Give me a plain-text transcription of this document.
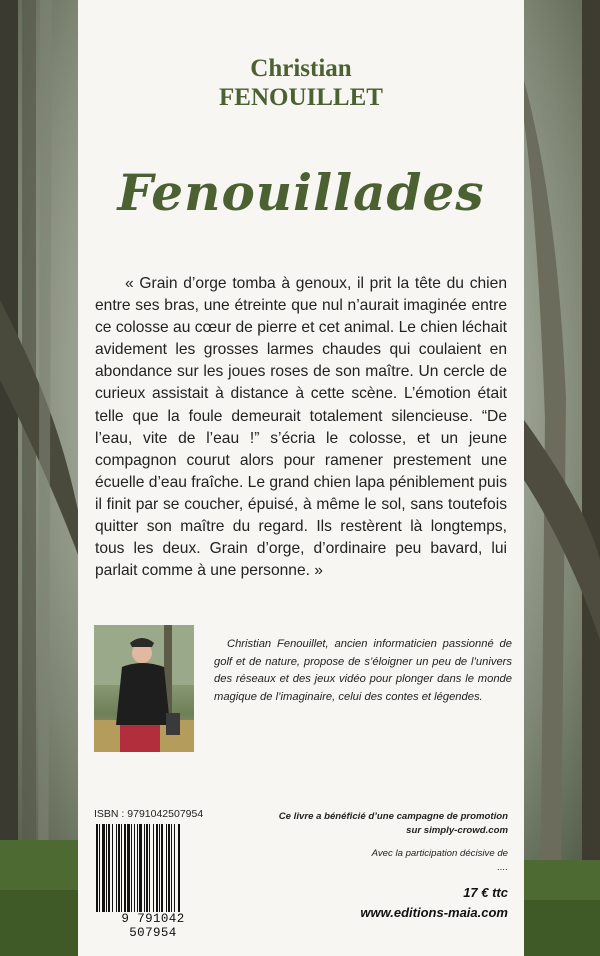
Christian
FENOUILLET
Fenouillades
« Grain d’orge tomba à genoux, il prit la tête du chien entre ses bras, une étreinte que nul n’aurait imaginée entre ce colosse au cœur de pierre et cet animal. Le chien léchait avidement les grosses larmes chaudes qui coulaient en abondance sur les joues roses de son maître. Un cercle de curieux assistait à distance à cette scène. L’émotion était telle que la foule demeurait totalement silencieuse. “De l’eau, vite de l’eau !” s’écria le colosse, et un jeune compagnon courut alors pour ramener prestement une écuelle d’eau fraîche. Le grand chien lapa péniblement puis il finit par se coucher, épuisé, à même le sol, sans toutefois quitter son maître du regard. Ils restèrent là longtemps, tous les deux. Grain d’orge, d’ordinaire peu bavard, lui parlait comme à une personne. »
Christian Fenouillet, ancien informaticien passionné de golf et de nature, propose de s’éloigner un peu de l’univers des réseaux et des jeux vidéo pour plonger dans le monde magique de l’imaginaire, celui des contes et légendes.
ISBN : 9791042507954
9 791042 507954
Ce livre a bénéficié d’une campagne de promotion
sur simply-crowd.com
Avec la participation décisive de
....
17 € ttc
www.editions-maia.com
